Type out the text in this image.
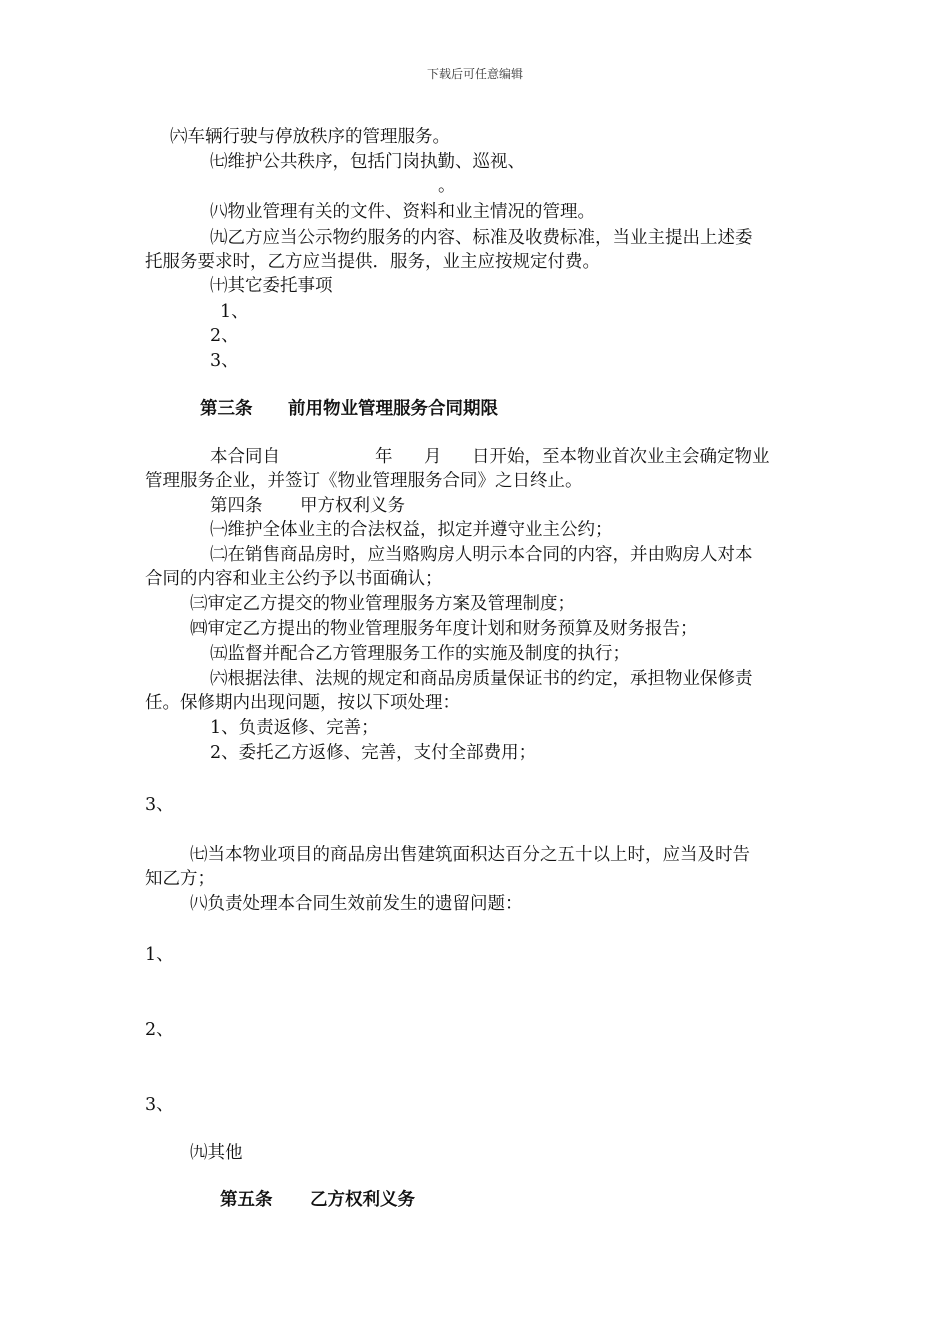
下载后可任意编辑
㈥车辆行驶与停放秩序的管理服务。
㈦维护公共秩序，包括门岗执勤、巡视、
。
㈧物业管理有关的文件、资料和业主情况的管理。
㈨乙方应当公示物约服务的内容、标准及收费标准，当业主提出上述委
托服务要求时，乙方应当提供．服务，业主应按规定付费。
㈩其它委托事项
1、
2、
3、
第三条 前用物业管理服务合同期限
本合同自	年 月 日开始，至本物业首次业主会确定物业
管理服务企业，并签订《物业管理服务合同》之日终止。
第四条 甲方权利义务
㈠维护全体业主的合法权益，拟定并遵守业主公约；
㈡在销售商品房时，应当赂购房人明示本合同的内容，并由购房人对本
合同的内容和业主公约予以书面确认；
㈢审定乙方提交的物业管理服务方案及管理制度；
㈣审定乙方提出的物业管理服务年度计划和财务预算及财务报告；
㈤监督并配合乙方管理服务工作的实施及制度的执行；
㈥根据法律、法规的规定和商品房质量保证书的约定，承担物业保修责
任。保修期内出现问题，按以下项处理：
1、负责返修、完善；
2、委托乙方返修、完善，支付全部费用；
3、
㈦当本物业项目的商品房出售建筑面积达百分之五十以上时，应当及时告
知乙方；
㈧负责处理本合同生效前发生的遗留问题：
1、
2、
3、
㈨其他
第五条 乙方权利义务
